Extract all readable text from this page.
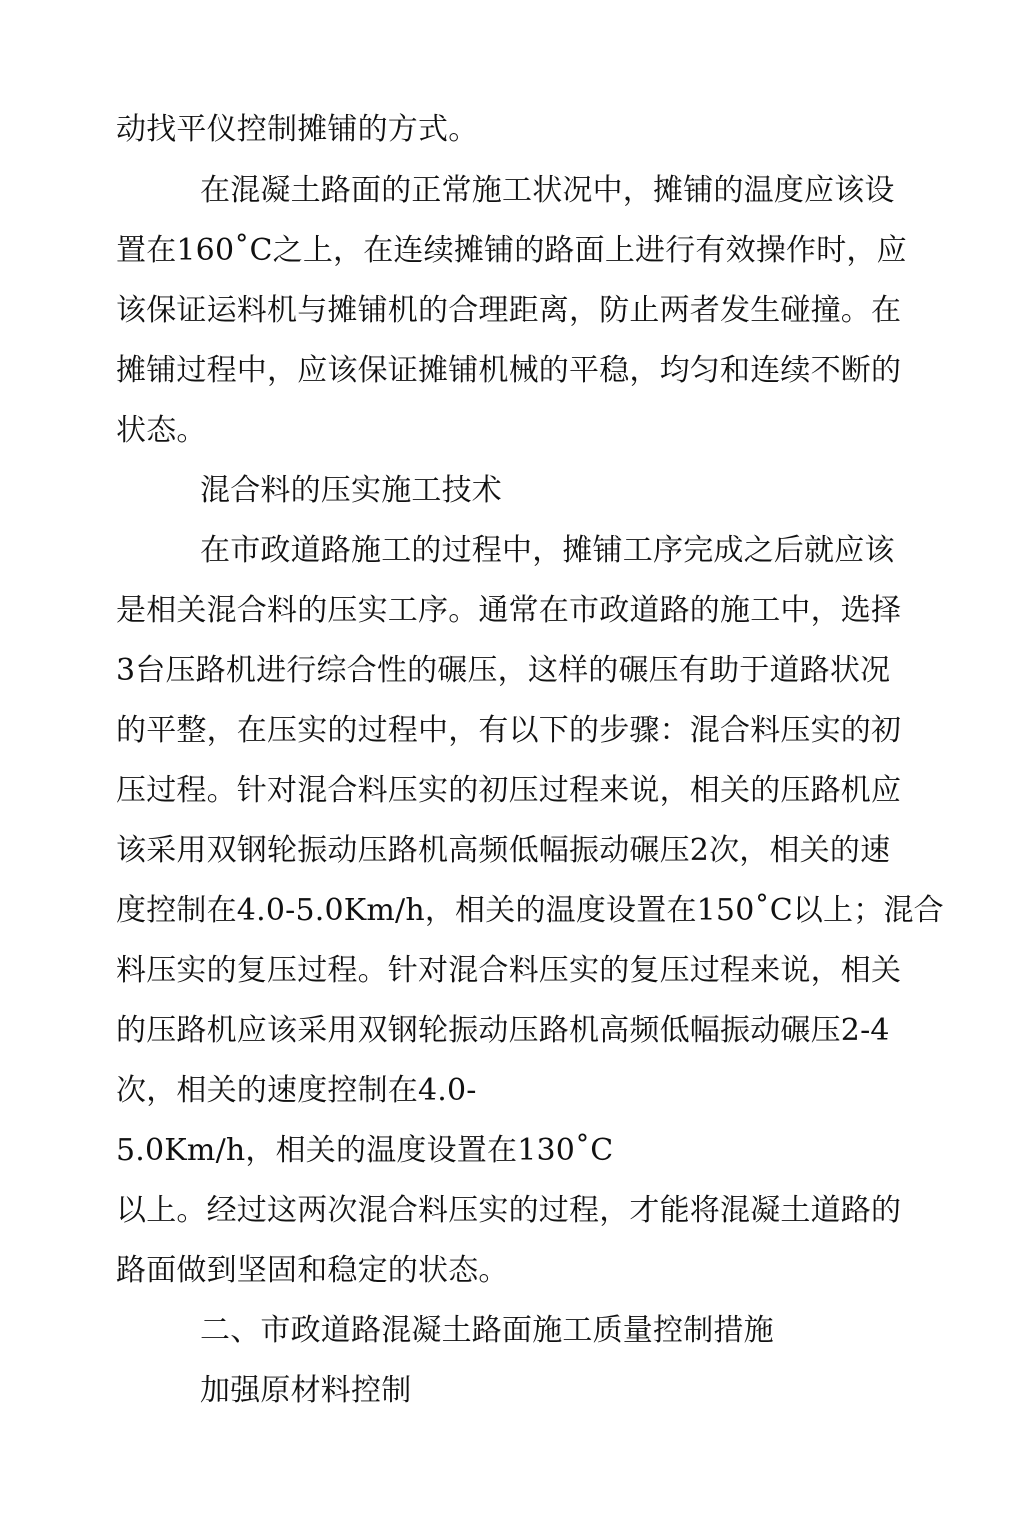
动找平仪控制摊铺的方式。
在混凝土路面的正常施工状况中，摊铺的温度应该设
置在160˚C之上，在连续摊铺的路面上进行有效操作时，应
该保证运料机与摊铺机的合理距离，防止两者发生碰撞。在
摊铺过程中，应该保证摊铺机械的平稳，均匀和连续不断的
状态。
混合料的压实施工技术
在市政道路施工的过程中，摊铺工序完成之后就应该
是相关混合料的压实工序。通常在市政道路的施工中，选择
3台压路机进行综合性的碾压，这样的碾压有助于道路状况
的平整，在压实的过程中，有以下的步骤：混合料压实的初
压过程。针对混合料压实的初压过程来说，相关的压路机应
该采用双钢轮振动压路机高频低幅振动碾压2次，相关的速
度控制在4.0-5.0Km/h，相关的温度设置在150˚C以上；混合
料压实的复压过程。针对混合料压实的复压过程来说，相关
的压路机应该采用双钢轮振动压路机高频低幅振动碾压2-4
次，相关的速度控制在4.0-
5.0Km/h，相关的温度设置在130˚C
以上。经过这两次混合料压实的过程，才能将混凝土道路的
路面做到坚固和稳定的状态。
二、市政道路混凝土路面施工质量控制措施
加强原材料控制
